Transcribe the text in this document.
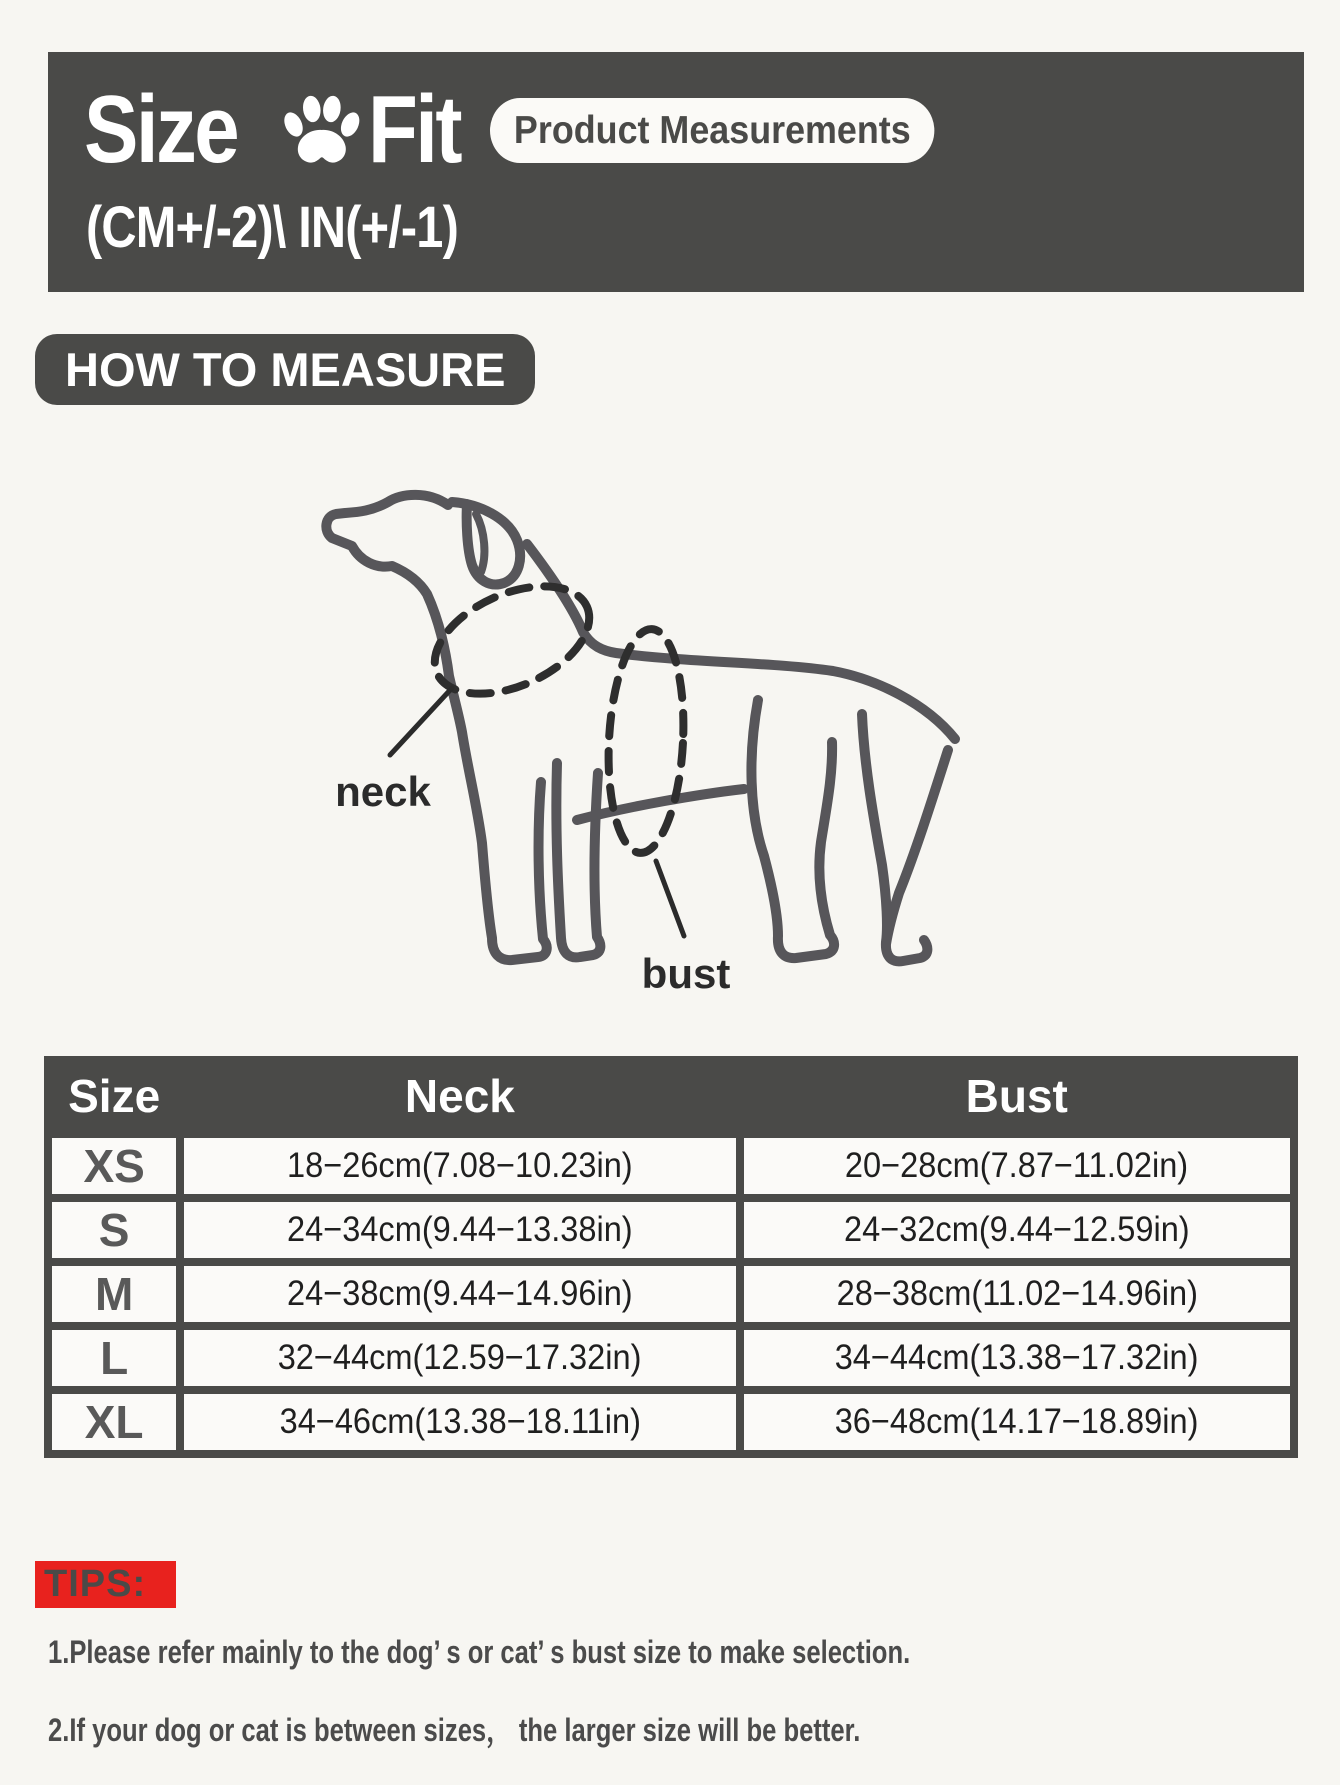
Size Fit	Product Measurements
(CM+/-2)\ IN(+/-1)
HOW TO MEASURE
neck
bust
Size	Neck	Bust
XS	18−26cm(7.08−10.23in)	20−28cm(7.87−11.02in)
S	24−34cm(9.44−13.38in)	24−32cm(9.44−12.59in)
M	24−38cm(9.44−14.96in)	28−38cm(11.02−14.96in)
L	32−44cm(12.59−17.32in)	34−44cm(13.38−17.32in)
XL	34−46cm(13.38−18.11in)	36−48cm(14.17−18.89in)
TIPS:
1.Please refer mainly to the dog’ s or cat’ s bust size to make selection.
2.If your dog or cat is between sizes， the larger size will be better.
